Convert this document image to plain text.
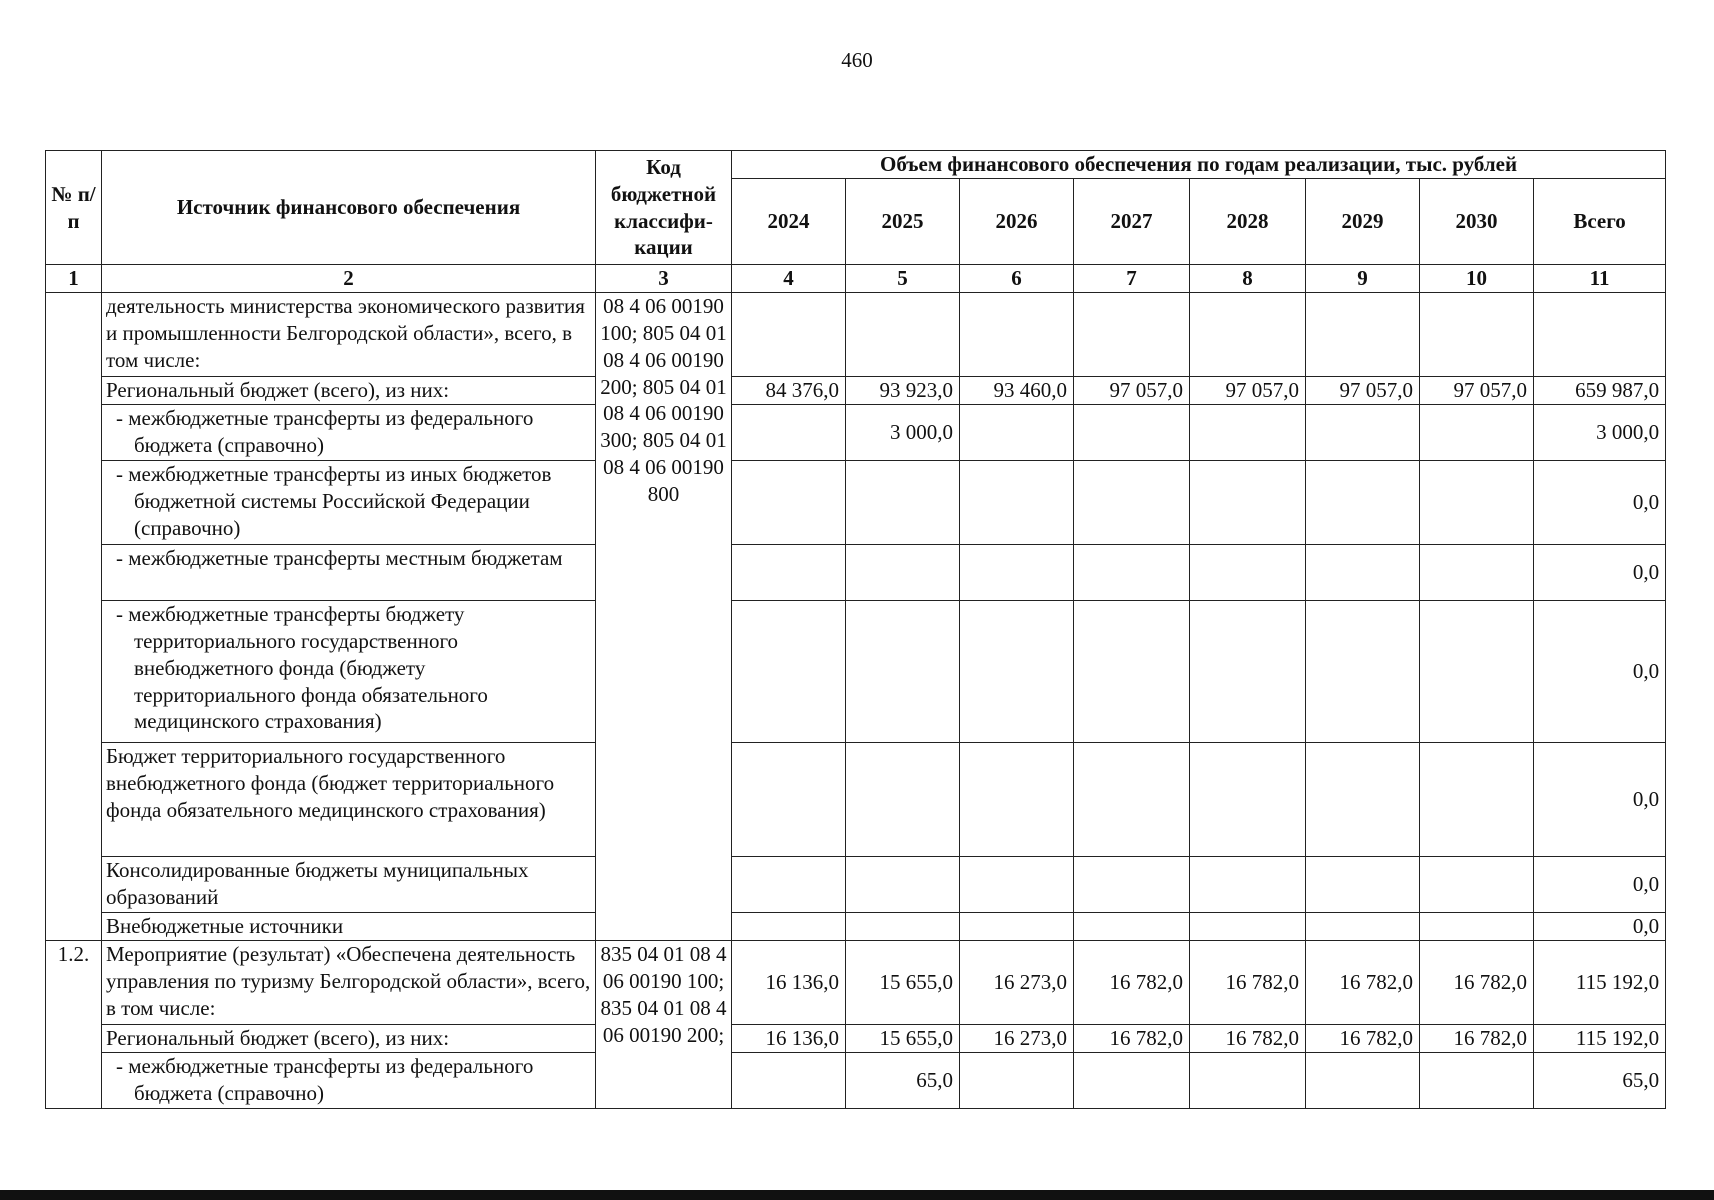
460
№ п/п	Источник финансового обеспечения	Код бюджетной классифи-кации	Объем финансового обеспечения по годам реализации, тыс. рублей							
			2024	2025	2026	2027	2028	2029	2030	Всего
1	2	3	4	5	6	7	8	9	10	11
	деятельность министерства экономического развития и промышленности Белгородской области», всего, в том числе:	08 4 06 00190 100; 805 04 01 08 4 06 00190 200; 805 04 01 08 4 06 00190 300; 805 04 01 08 4 06 00190 800								
	Региональный бюджет (всего), из них:		84 376,0	93 923,0	93 460,0	97 057,0	97 057,0	97 057,0	97 057,0	659 987,0
	- межбюджетные трансферты из федерального бюджета (справочно)			3 000,0						3 000,0
	- межбюджетные трансферты из иных бюджетов бюджетной системы Российской Федерации (справочно)									0,0
	- межбюджетные трансферты местным бюджетам									0,0
	- межбюджетные трансферты бюджету территориального государственного внебюджетного фонда (бюджету территориального фонда обязательного медицинского страхования)									0,0
	Бюджет территориального государственного внебюджетного фонда (бюджет территориального фонда обязательного медицинского страхования)									0,0
	Консолидированные бюджеты муниципальных образований									0,0
	Внебюджетные источники									0,0
1.2.	Мероприятие (результат) «Обеспечена деятельность управления по туризму Белгородской области», всего, в том числе:	835 04 01 08 4 06 00190 100; 835 04 01 08 4 06 00190 200;	16 136,0	15 655,0	16 273,0	16 782,0	16 782,0	16 782,0	16 782,0	115 192,0
	Региональный бюджет (всего), из них:		16 136,0	15 655,0	16 273,0	16 782,0	16 782,0	16 782,0	16 782,0	115 192,0
	- межбюджетные трансферты из федерального бюджета (справочно)			65,0						65,0
